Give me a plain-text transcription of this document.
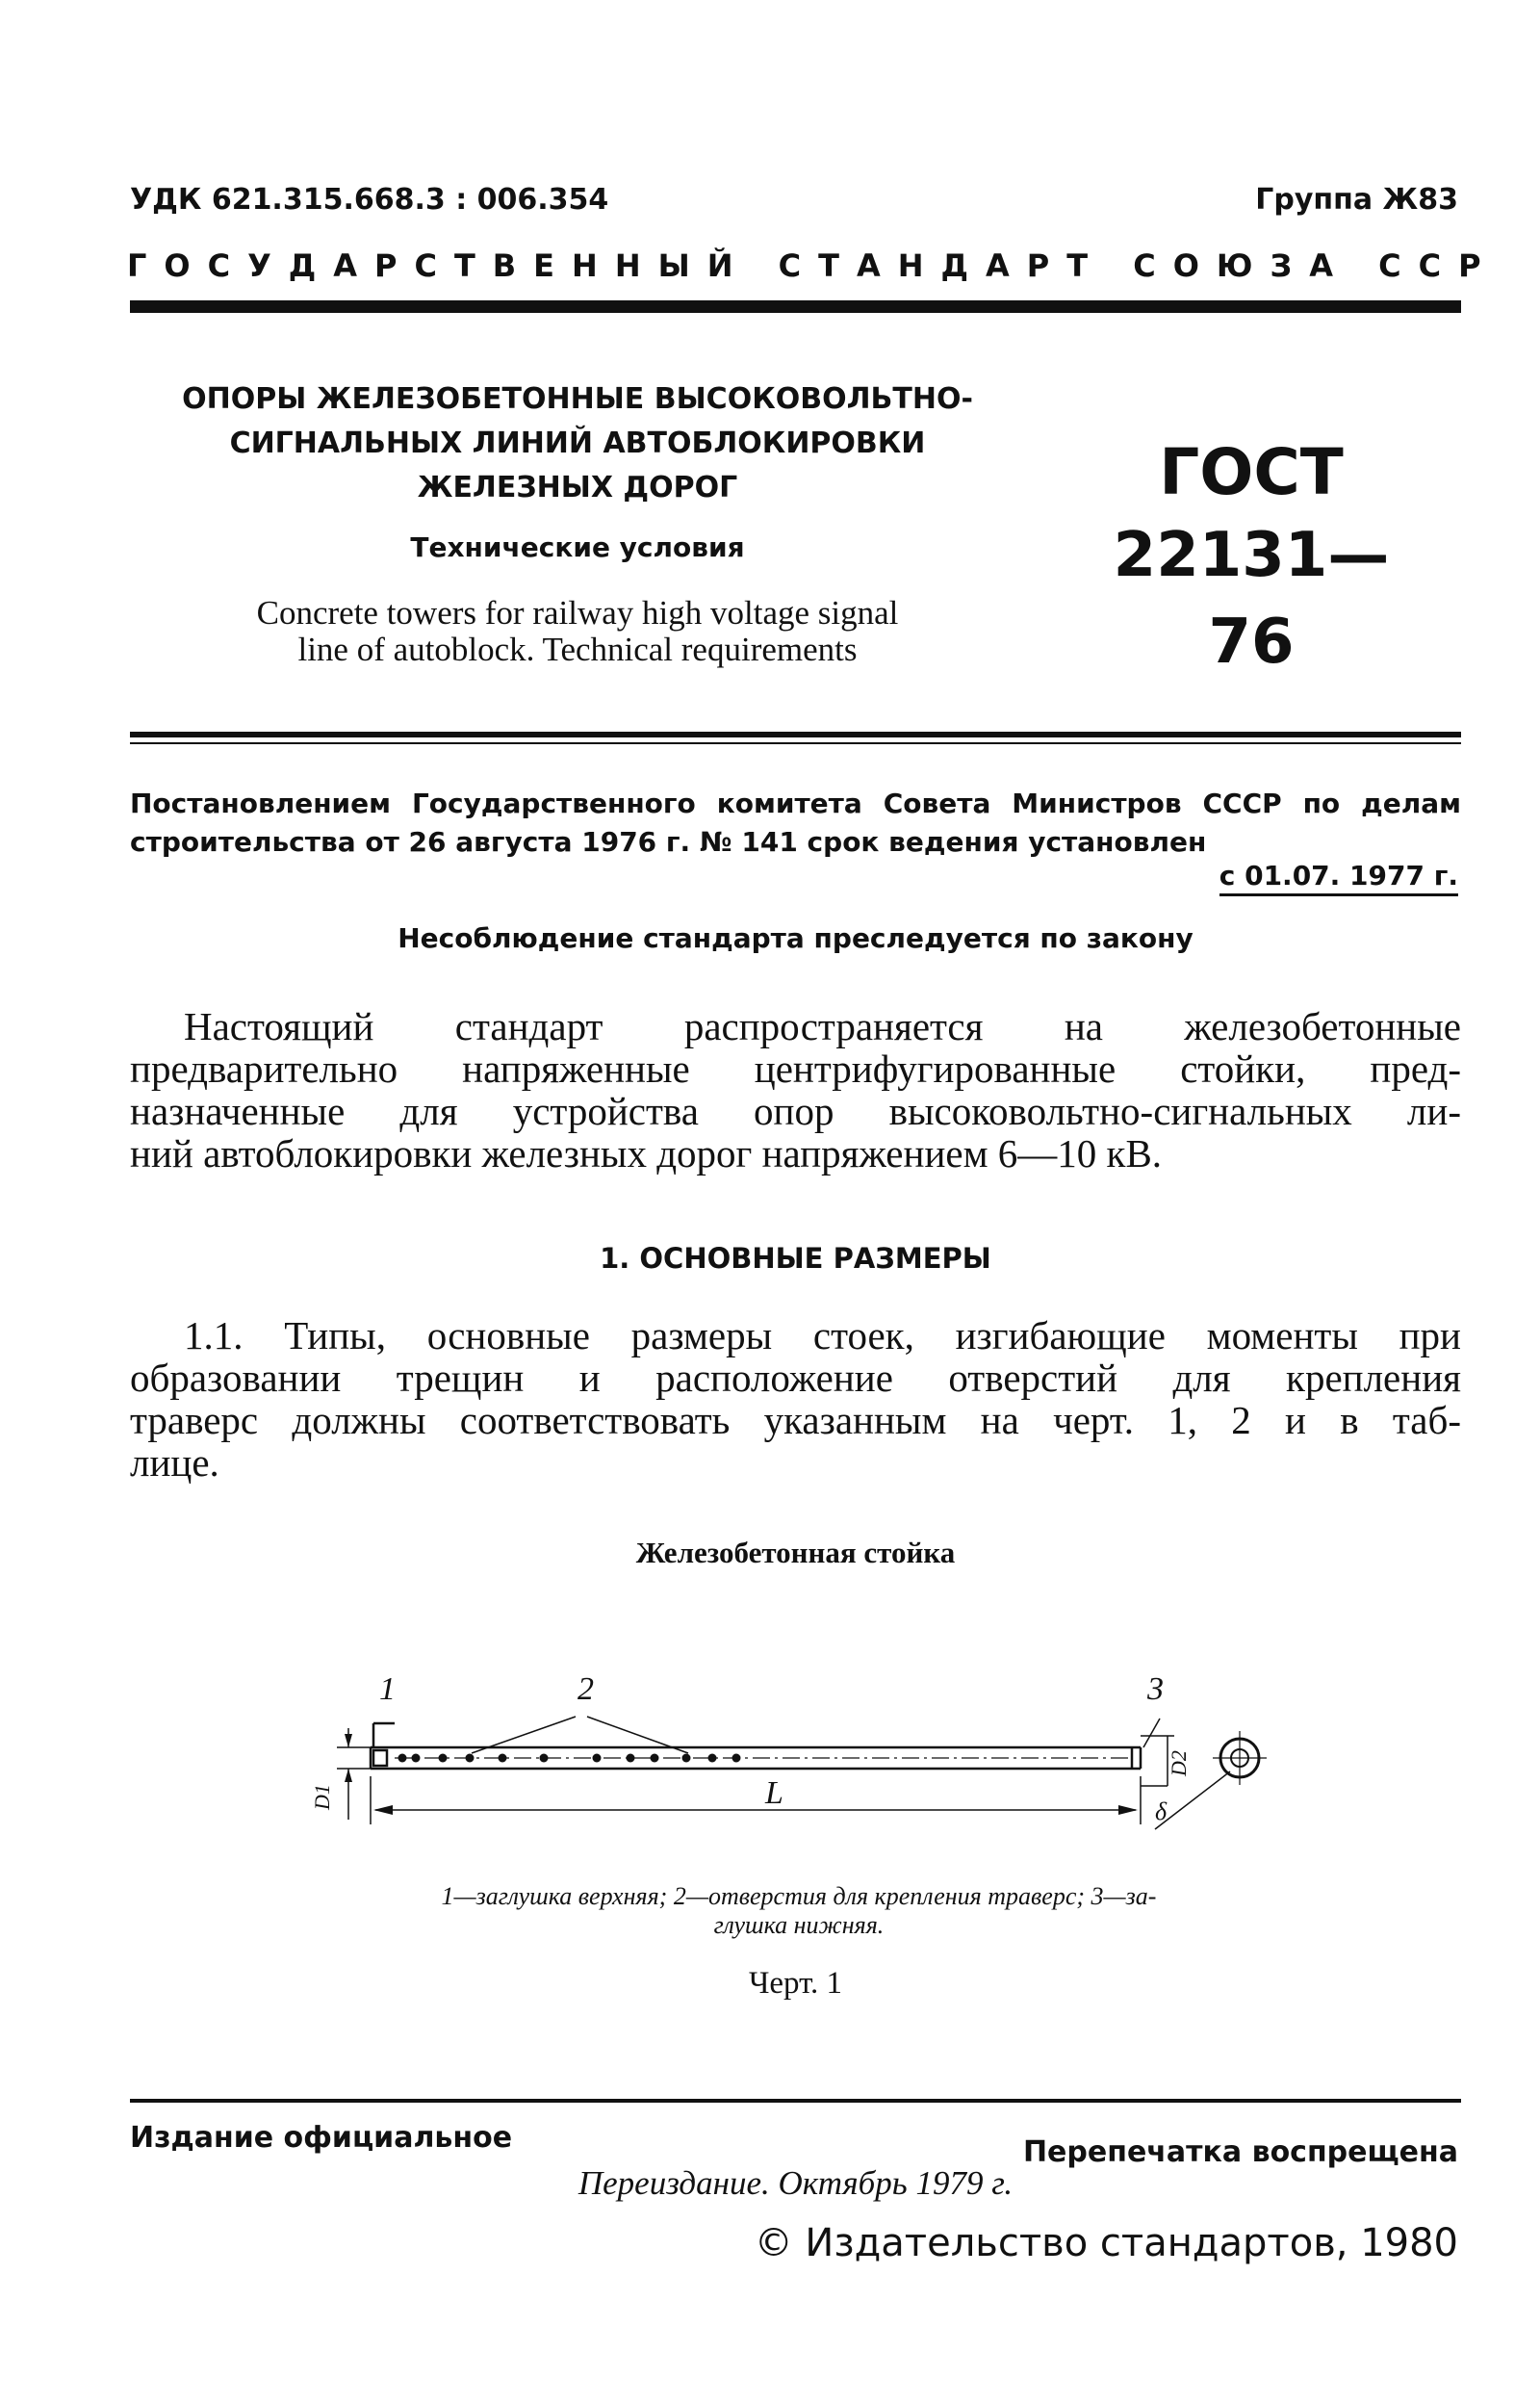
УДК 621.315.668.3 : 006.354	Группа Ж83
ГОСУДАРСТВЕННЫЙ СТАНДАРТ СОЮЗА ССР
ОПОРЫ ЖЕЛЕЗОБЕТОННЫЕ ВЫСОКОВОЛЬТНО-
СИГНАЛЬНЫХ ЛИНИЙ АВТОБЛОКИРОВКИ
ЖЕЛЕЗНЫХ ДОРОГ
Технические условия
Concrete towers for railway high voltage signal
line of autoblock. Technical requirements
ГОСТ
22131—76
Постановлением Государственного комитета Совета Министров СССР по делам
строительства от 26 августа 1976 г. № 141 срок ведения установлен
с 01.07. 1977 г.
Несоблюдение стандарта преследуется по закону
Настоящий стандарт распространяется на железобетонные
предварительно напряженные центрифугированные стойки, пред-
назначенные для устройства опор высоковольтно-сигнальных ли-
ний автоблокировки железных дорог напряжением 6—10 кВ.
1. ОСНОВНЫЕ РАЗМЕРЫ
1.1. Типы, основные размеры стоек, изгибающие моменты при
образовании трещин и расположение отверстий для крепления
траверс должны соответствовать указанным на черт. 1, 2 и в таб-
лице.
Железобетонная стойка
1	2	3
L
D1
D2
δ
1—заглушка верхняя; 2—отверстия для крепления траверс; 3—за-
глушка нижняя.
Черт. 1
Издание официальное	Перепечатка воспрещена
Переиздание. Октябрь 1979 г.
© Издательство стандартов, 1980
